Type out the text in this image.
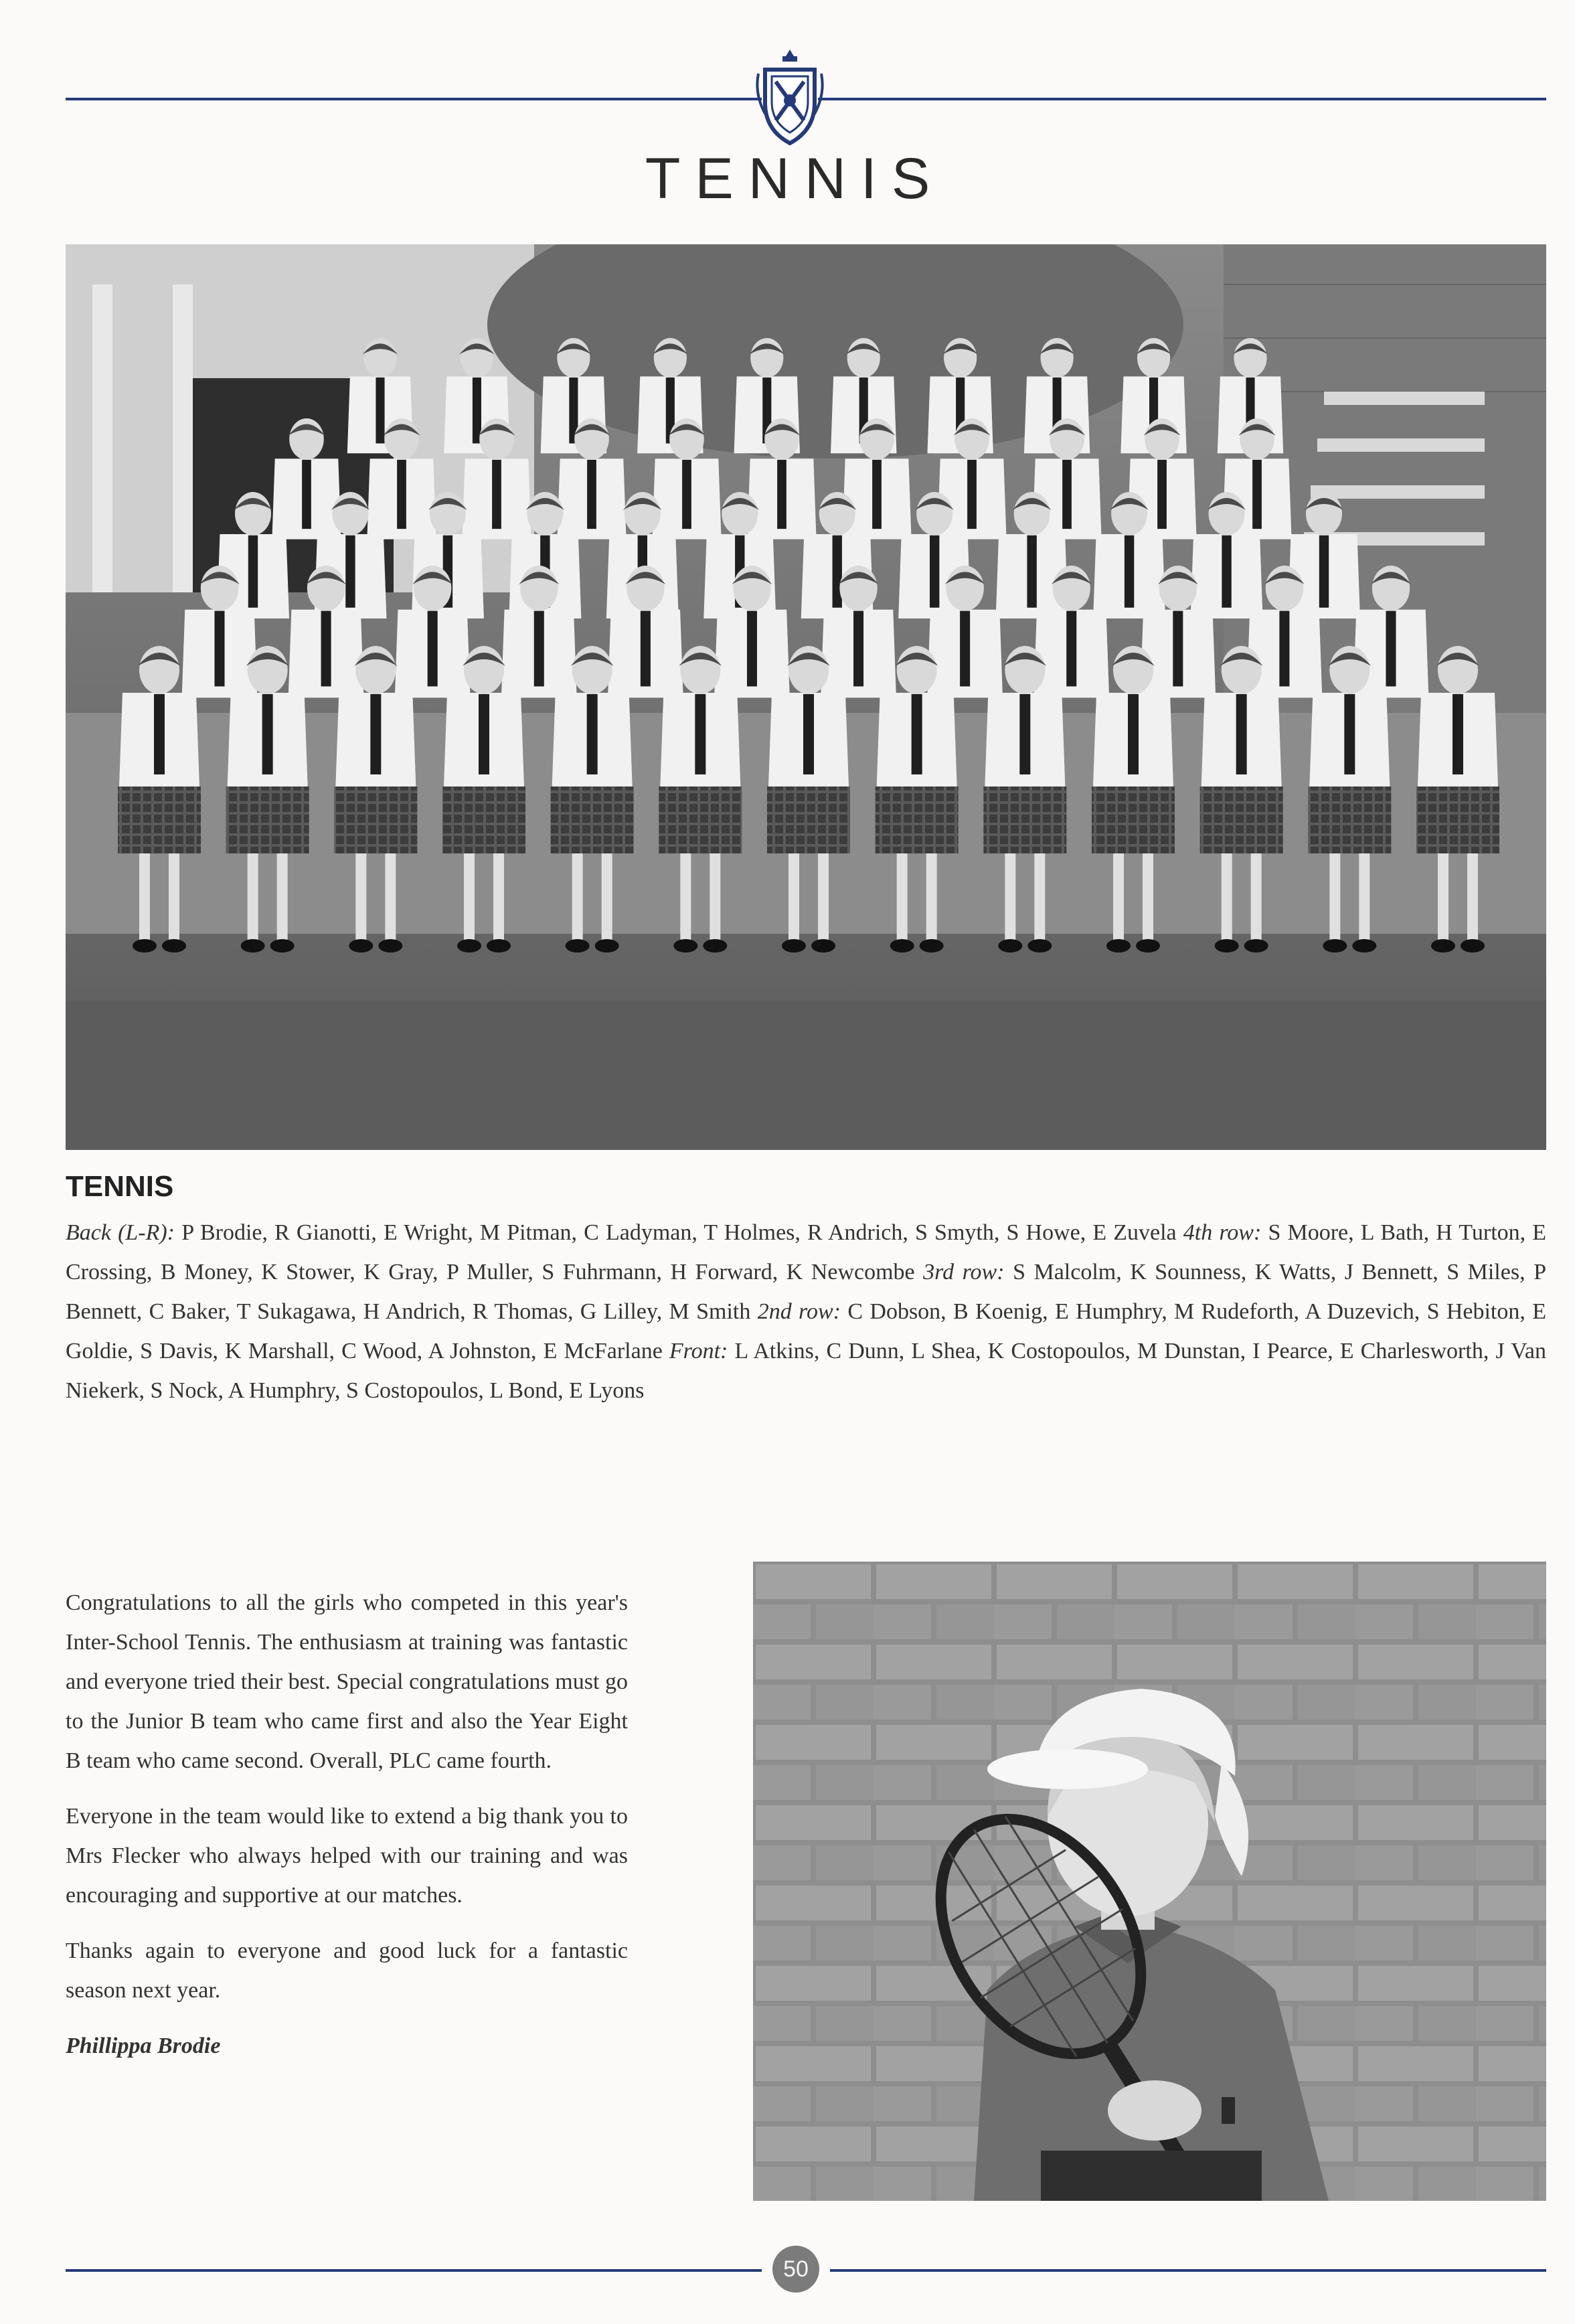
TENNIS
TENNIS
Back (L-R): P Brodie, R Gianotti, E Wright, M Pitman, C Ladyman, T Holmes, R Andrich, S Smyth, S Howe, E Zuvela 4th row: S Moore, L Bath, H Turton, E Crossing, B Money, K Stower, K Gray, P Muller, S Fuhrmann, H Forward, K Newcombe 3rd row: S Malcolm, K Sounness, K Watts, J Bennett, S Miles, P Bennett, C Baker, T Sukagawa, H Andrich, R Thomas, G Lilley, M Smith 2nd row: C Dobson, B Koenig, E Humphry, M Rudeforth, A Duzevich, S Hebiton, E Goldie, S Davis, K Marshall, C Wood, A Johnston, E McFarlane Front: L Atkins, C Dunn, L Shea, K Costopoulos, M Dunstan, I Pearce, E Charlesworth, J Van Niekerk, S Nock, A Humphry, S Costopoulos, L Bond, E Lyons

Congratulations to all the girls who competed in this year's Inter-School Tennis. The enthusiasm at training was fantastic and everyone tried their best. Special congratulations must go to the Junior B team who came first and also the Year Eight B team who came second. Overall, PLC came fourth.

Everyone in the team would like to extend a big thank you to Mrs Flecker who always helped with our training and was encouraging and supportive at our matches.

Thanks again to everyone and good luck for a fantastic season next year.

Phillippa Brodie
50
